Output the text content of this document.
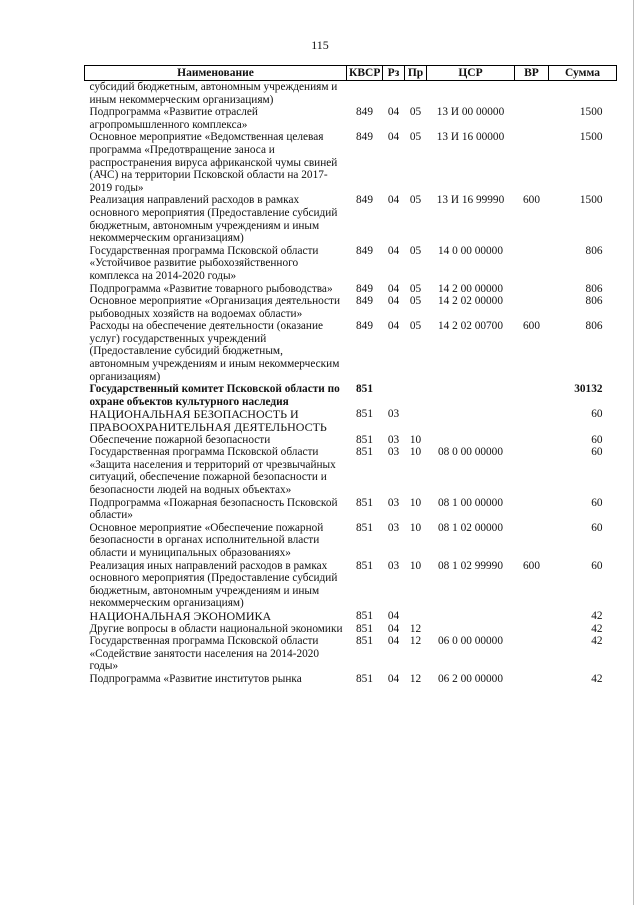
115
Наименование	КВСР	Рз	Пр	ЦСР	ВР	Сумма
субсидий бюджетным, автономным учреждениям и иным некоммерческим организациям)						
Подпрограмма «Развитие отраслей агропромышленного комплекса»	849	04	05	13 И 00 00000		1500
Основное мероприятие «Ведомственная целевая программа «Предотвращение заноса и распространения вируса африканской чумы свиней (АЧС) на территории Псковской области на 2017-2019 годы»	849	04	05	13 И 16 00000		1500
Реализация направлений расходов в рамках основного мероприятия (Предоставление субсидий бюджетным, автономным учреждениям и иным некоммерческим организациям)	849	04	05	13 И 16 99990	600	1500
Государственная программа Псковской области «Устойчивое развитие рыбохозяйственного комплекса на 2014-2020 годы»	849	04	05	14 0 00 00000		806
Подпрограмма «Развитие товарного рыбоводства»	849	04	05	14 2 00 00000		806
Основное мероприятие «Организация деятельности рыбоводных хозяйств на водоемах области»	849	04	05	14 2 02 00000		806
Расходы на обеспечение деятельности (оказание услуг) государственных учреждений (Предоставление субсидий бюджетным, автономным учреждениям и иным некоммерческим организациям)	849	04	05	14 2 02 00700	600	806
Государственный комитет Псковской области по охране объектов культурного наследия	851					30132
НАЦИОНАЛЬНАЯ БЕЗОПАСНОСТЬ И ПРАВООХРАНИТЕЛЬНАЯ ДЕЯТЕЛЬНОСТЬ	851	03				60
Обеспечение пожарной безопасности	851	03	10			60
Государственная программа Псковской области «Защита населения и территорий от чрезвычайных ситуаций, обеспечение пожарной безопасности и безопасности людей на водных объектах»	851	03	10	08 0 00 00000		60
Подпрограмма «Пожарная безопасность Псковской области»	851	03	10	08 1 00 00000		60
Основное мероприятие «Обеспечение пожарной безопасности в органах исполнительной власти области и муниципальных образованиях»	851	03	10	08 1 02 00000		60
Реализация иных направлений расходов в рамках основного мероприятия (Предоставление субсидий бюджетным, автономным учреждениям и иным некоммерческим организациям)	851	03	10	08 1 02 99990	600	60
НАЦИОНАЛЬНАЯ ЭКОНОМИКА	851	04				42
Другие вопросы в области национальной экономики	851	04	12			42
Государственная программа Псковской области «Содействие занятости населения на 2014-2020 годы»	851	04	12	06 0 00 00000		42
Подпрограмма «Развитие институтов рынка	851	04	12	06 2 00 00000		42
